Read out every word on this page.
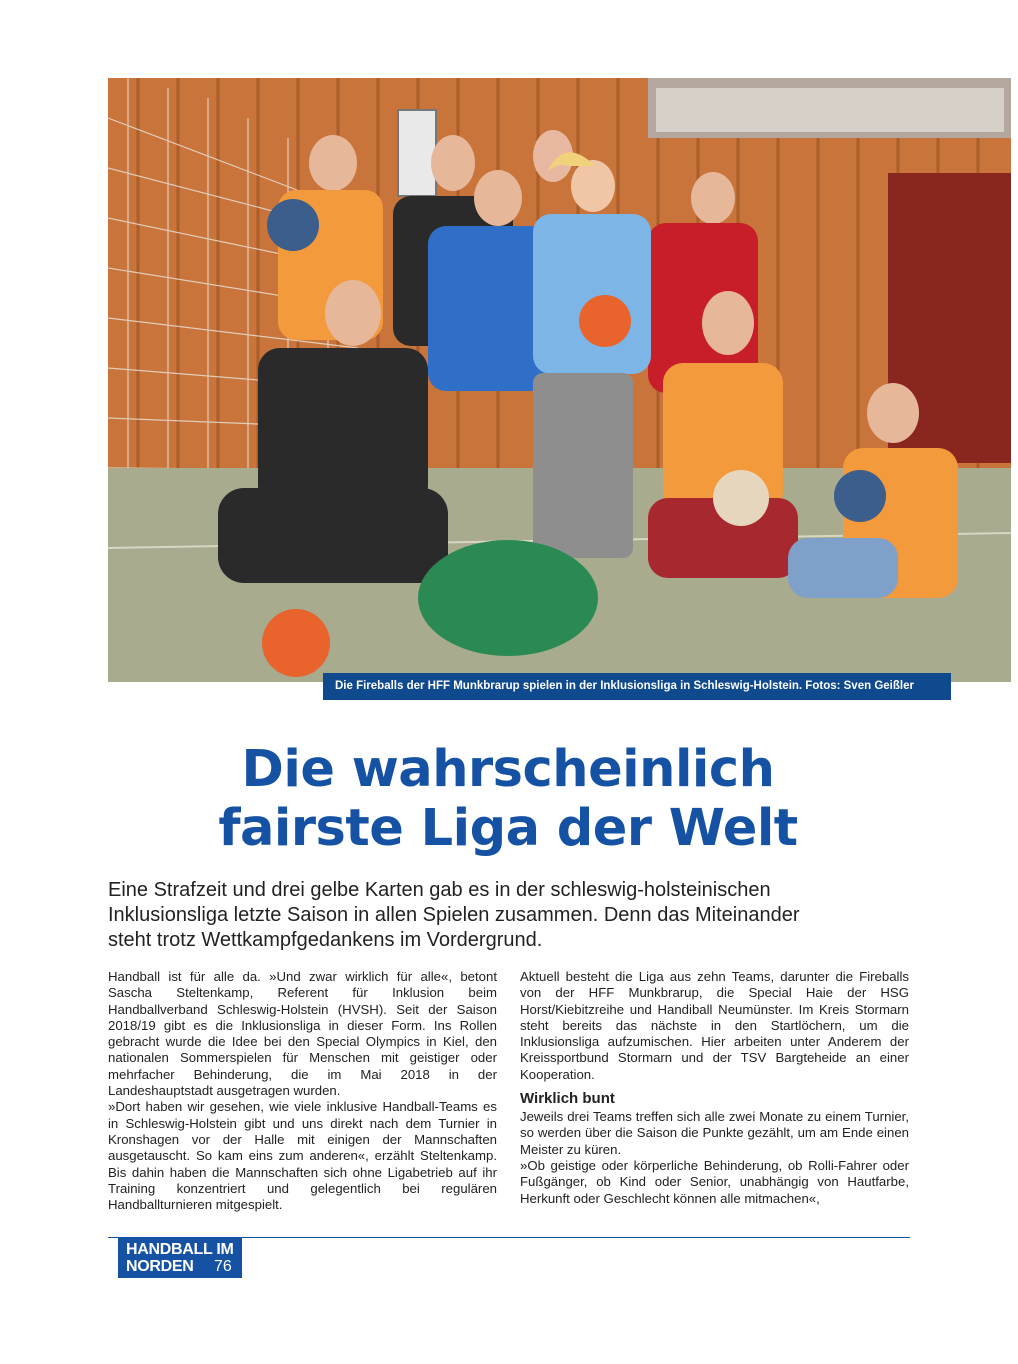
Die Fireballs der HFF Munkbrarup spielen in der Inklusionsliga in Schleswig-Holstein. Fotos: Sven Geißler
Die wahrscheinlich
fairste Liga der Welt

Eine Strafzeit und drei gelbe Karten gab es in der schleswig-holsteinischen
Inklusionsliga letzte Saison in allen Spielen zusammen. Denn das Miteinander
steht trotz Wettkampfgedankens im Vordergrund.

Handball ist für alle da. »Und zwar wirklich für alle«, betont Sascha Steltenkamp, Referent für Inklusion beim Handballverband Schleswig-Holstein (HVSH). Seit der Saison 2018/19 gibt es die Inklusionsliga in dieser Form. Ins Rollen gebracht wurde die Idee bei den Special Olympics in Kiel, den nationalen Sommerspielen für Menschen mit geistiger oder mehrfacher Behinderung, die im Mai 2018 in der Landeshauptstadt ausgetragen wurden.

»Dort haben wir gesehen, wie viele inklusive Handball-Teams es in Schleswig-Holstein gibt und uns direkt nach dem Turnier in Kronshagen vor der Halle mit einigen der Mannschaften ausgetauscht. So kam eins zum anderen«, erzählt Steltenkamp. Bis dahin haben die Mannschaften sich ohne Ligabetrieb auf ihr Training konzentriert und gelegentlich bei regulären Handballturnieren mitgespielt.

Aktuell besteht die Liga aus zehn Teams, darunter die Fireballs von der HFF Munkbrarup, die Special Haie der HSG Horst/Kiebitzreihe und Handiball Neumünster. Im Kreis Stormarn steht bereits das nächste in den Startlöchern, um die Inklusionsliga aufzumischen. Hier arbeiten unter Anderem der Kreissportbund Stormarn und der TSV Bargteheide an einer Kooperation.

Wirklich bunt

Jeweils drei Teams treffen sich alle zwei Monate zu einem Turnier, so werden über die Saison die Punkte gezählt, um am Ende einen Meister zu küren.

»Ob geistige oder körperliche Behinderung, ob Rolli-Fahrer oder Fußgänger, ob Kind oder Senior, unabhängig von Hautfarbe, Herkunft oder Geschlecht können alle mitmachen«,

HANDBALL IM
NORDEN 76
